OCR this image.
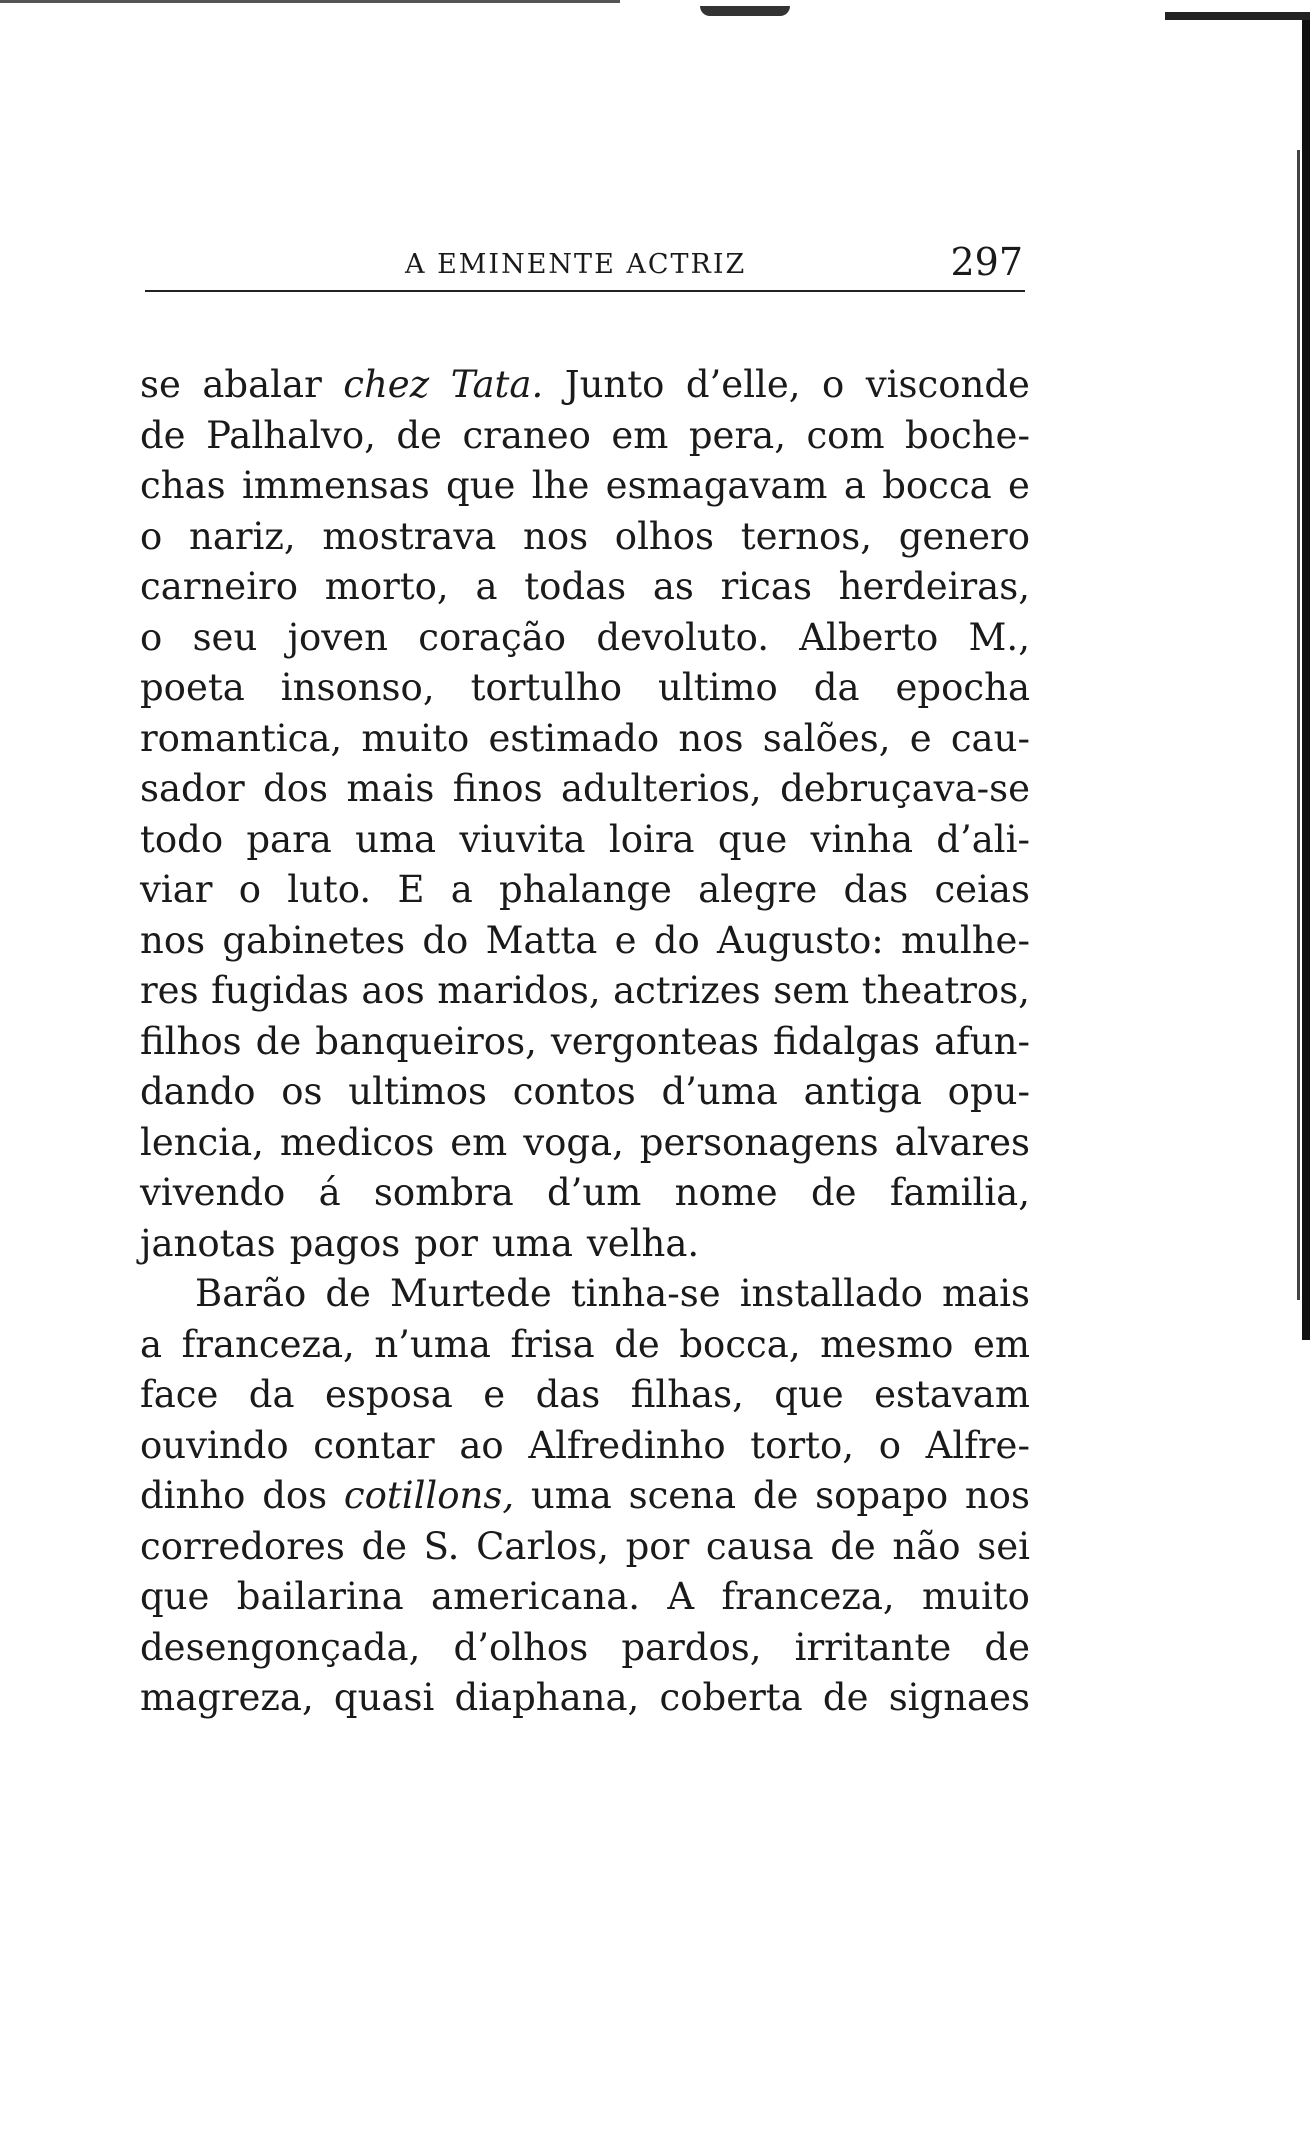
A EMINENTE ACTRIZ	297
se abalar chez Tata. Junto d’elle, o visconde
de Palhalvo, de craneo em pera, com boche-
chas immensas que lhe esmagavam a bocca e
o nariz, mostrava nos olhos ternos, genero
carneiro morto, a todas as ricas herdeiras,
o seu joven coração devoluto. Alberto M.,
poeta insonso, tortulho ultimo da epocha
romantica, muito estimado nos salões, e cau-
sador dos mais finos adulterios, debruçava-se
todo para uma viuvita loira que vinha d’ali-
viar o luto. E a phalange alegre das ceias
nos gabinetes do Matta e do Augusto: mulhe-
res fugidas aos maridos, actrizes sem theatros,
filhos de banqueiros, vergonteas fidalgas afun-
dando os ultimos contos d’uma antiga opu-
lencia, medicos em voga, personagens alvares
vivendo á sombra d’um nome de familia,
janotas pagos por uma velha.
Barão de Murtede tinha-se installado mais
a franceza, n’uma frisa de bocca, mesmo em
face da esposa e das filhas, que estavam
ouvindo contar ao Alfredinho torto, o Alfre-
dinho dos cotillons, uma scena de sopapo nos
corredores de S. Carlos, por causa de não sei
que bailarina americana. A franceza, muito
desengonçada, d’olhos pardos, irritante de
magreza, quasi diaphana, coberta de signaes
